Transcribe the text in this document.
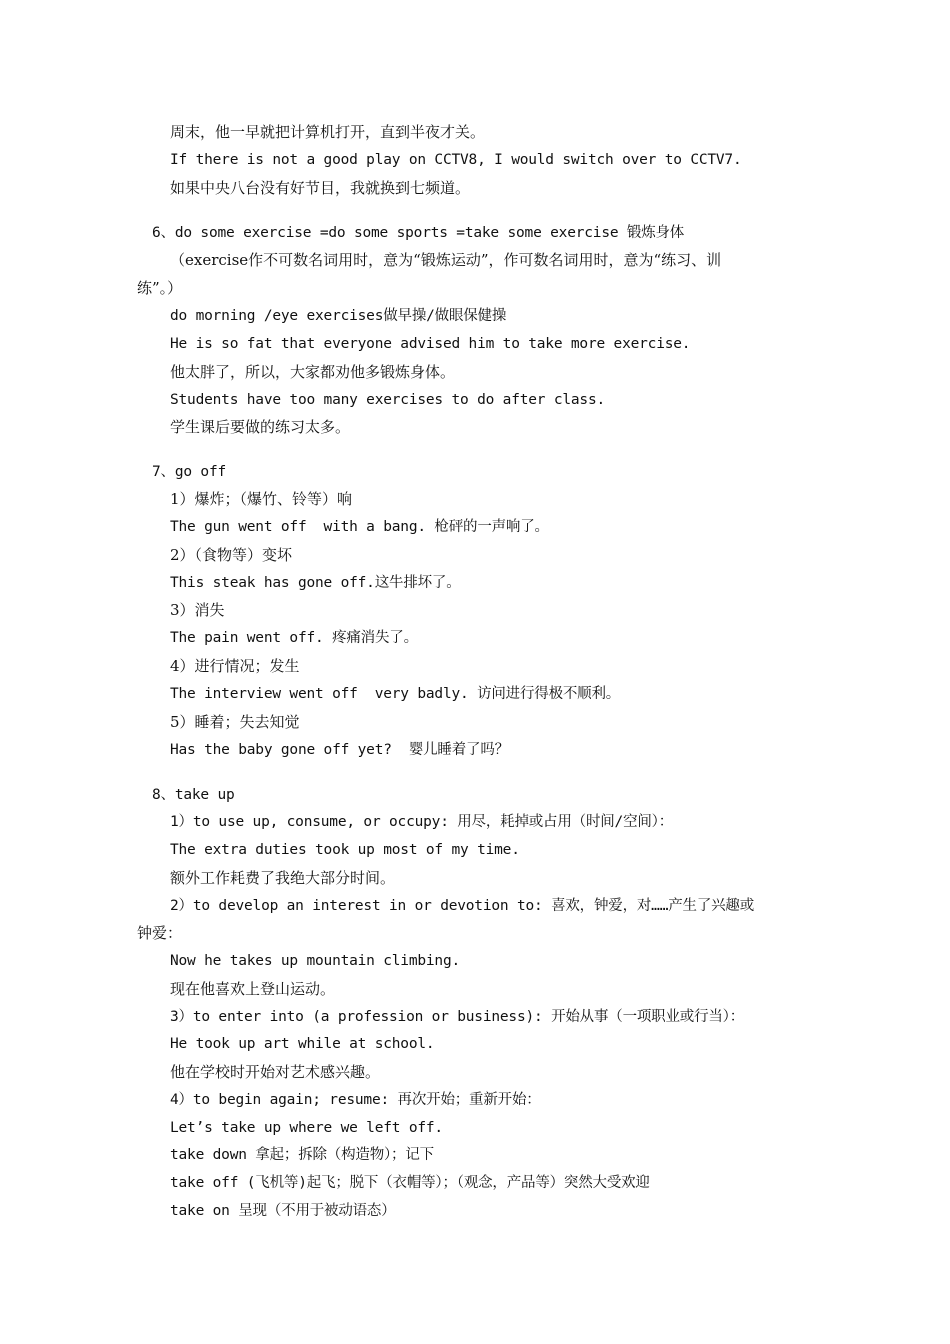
周末，他一早就把计算机打开，直到半夜才关。
If there is not a good play on CCTV8, I would switch over to CCTV7.
如果中央八台没有好节目，我就换到七频道。
6、do some exercise =do some sports =take some exercise 锻炼身体
（exercise作不可数名词用时，意为“锻炼运动”，作可数名词用时，意为“练习、训
练”。）
do morning /eye exercises做早操/做眼保健操
He is so fat that everyone advised him to take more exercise.
他太胖了，所以，大家都劝他多锻炼身体。
Students have too many exercises to do after class.
学生课后要做的练习太多。
7、go off
1）爆炸；（爆竹、铃等）响
The gun went off  with a bang. 枪砰的一声响了。
2）（食物等）变坏
This steak has gone off.这牛排坏了。
3）消失
The pain went off. 疼痛消失了。
4）进行情况；发生
The interview went off  very badly. 访问进行得极不顺利。
5）睡着；失去知觉
Has the baby gone off yet?  婴儿睡着了吗？
8、take up
1）to use up, consume, or occupy: 用尽，耗掉或占用（时间/空间）：
The extra duties took up most of my time.
额外工作耗费了我绝大部分时间。
2）to develop an interest in or devotion to: 喜欢，钟爱，对……产生了兴趣或
钟爱：
Now he takes up mountain climbing.
现在他喜欢上登山运动。
3）to enter into (a profession or business): 开始从事（一项职业或行当）：
He took up art while at school.
他在学校时开始对艺术感兴趣。
4）to begin again; resume: 再次开始；重新开始：
Let’s take up where we left off.
take down 拿起；拆除（构造物）；记下
take off (飞机等)起飞；脱下（衣帽等）；（观念，产品等）突然大受欢迎
take on 呈现（不用于被动语态）
